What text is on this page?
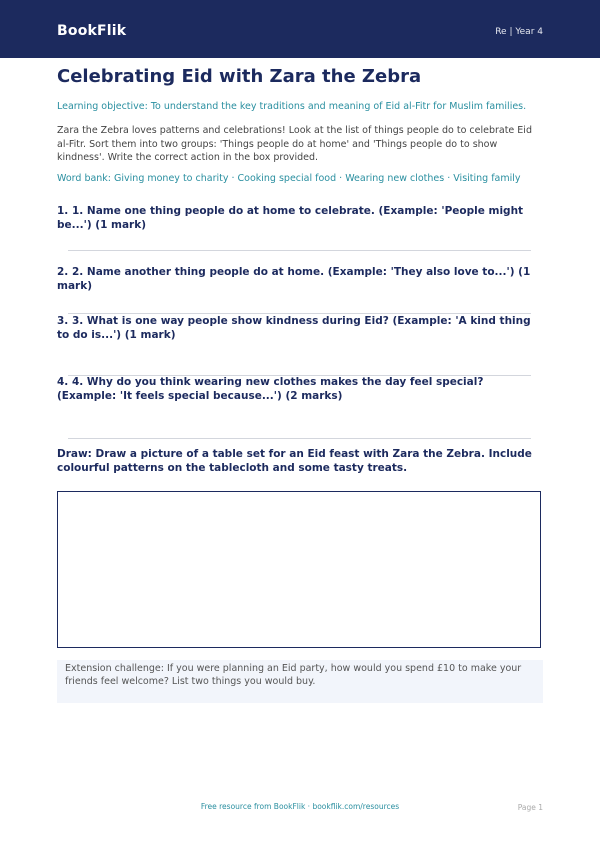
BookFlik	Re | Year 4
Celebrating Eid with Zara the Zebra
Learning objective: To understand the key traditions and meaning of Eid al-Fitr for Muslim families.
Zara the Zebra loves patterns and celebrations! Look at the list of things people do to celebrate Eid al-Fitr. Sort them into two groups: 'Things people do at home' and 'Things people do to show kindness'. Write the correct action in the box provided.
Word bank: Giving money to charity · Cooking special food · Wearing new clothes · Visiting family
1. 1. Name one thing people do at home to celebrate. (Example: 'People might be...') (1 mark)
2. 2. Name another thing people do at home. (Example: 'They also love to...') (1 mark)
3. 3. What is one way people show kindness during Eid? (Example: 'A kind thing to do is...') (1 mark)
4. 4. Why do you think wearing new clothes makes the day feel special? (Example: 'It feels special because...') (2 marks)
Draw: Draw a picture of a table set for an Eid feast with Zara the Zebra. Include colourful patterns on the tablecloth and some tasty treats.
Extension challenge: If you were planning an Eid party, how would you spend £10 to make your friends feel welcome? List two things you would buy.
Free resource from BookFlik · bookflik.com/resources	Page 1
